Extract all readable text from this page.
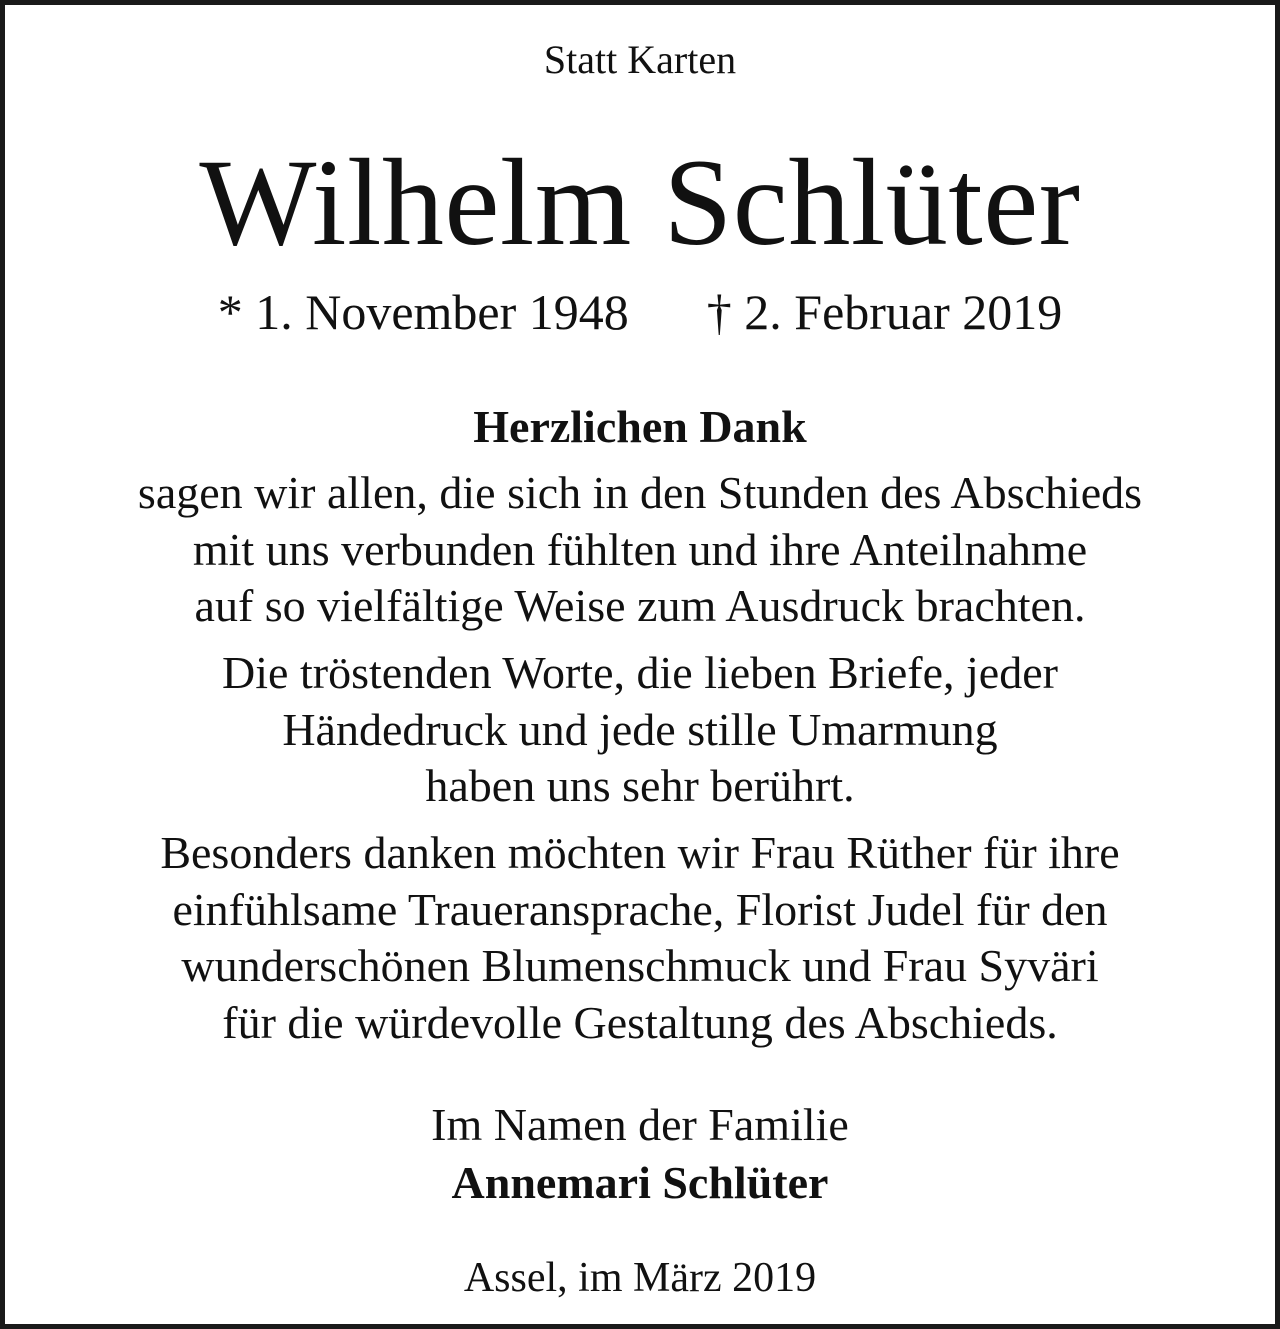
Statt Karten
Wilhelm Schlüter
* 1. November 1948 † 2. Februar 2019
Herzlichen Dank
sagen wir allen, die sich in den Stunden des Abschieds
mit uns verbunden fühlten und ihre Anteilnahme
auf so vielfältige Weise zum Ausdruck brachten.
Die tröstenden Worte, die lieben Briefe, jeder
Händedruck und jede stille Umarmung
haben uns sehr berührt.
Besonders danken möchten wir Frau Rüther für ihre
einfühlsame Traueransprache, Florist Judel für den
wunderschönen Blumenschmuck und Frau Syväri
für die würdevolle Gestaltung des Abschieds.
Im Namen der Familie
Annemari Schlüter
Assel, im März 2019
